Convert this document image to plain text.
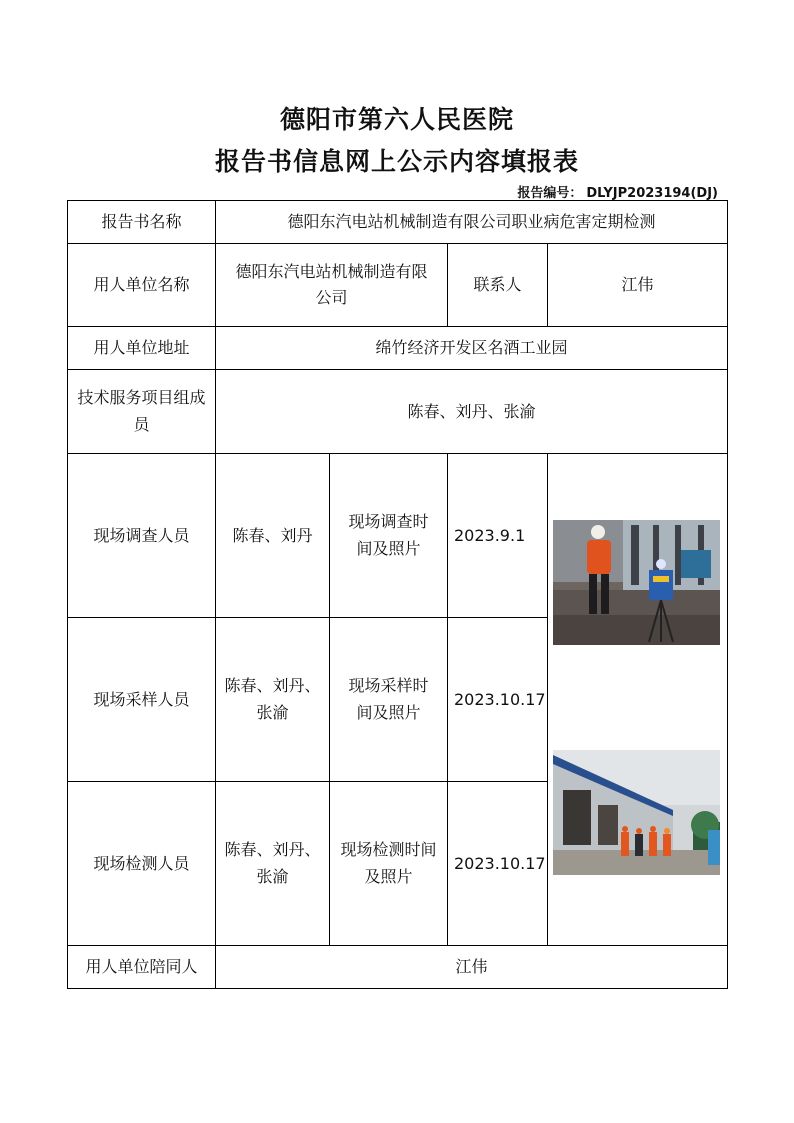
德阳市第六人民医院
报告书信息网上公示内容填报表
报告编号： DLYJP2023194(DJ)
报告书名称	德阳东汽电站机械制造有限公司职业病危害定期检测			
用人单位名称	德阳东汽电站机械制造有限公司		联系人	江伟
用人单位地址	绵竹经济开发区名酒工业园			
技术服务项目组成员	陈春、刘丹、张渝			
现场调查人员	陈春、刘丹	现场调查时间及照片	2023.9.1	
现场采样人员	陈春、刘丹、张渝	现场采样时间及照片	2023.10.17	
现场检测人员	陈春、刘丹、张渝	现场检测时间及照片	2023.10.17	
用人单位陪同人	江伟			
